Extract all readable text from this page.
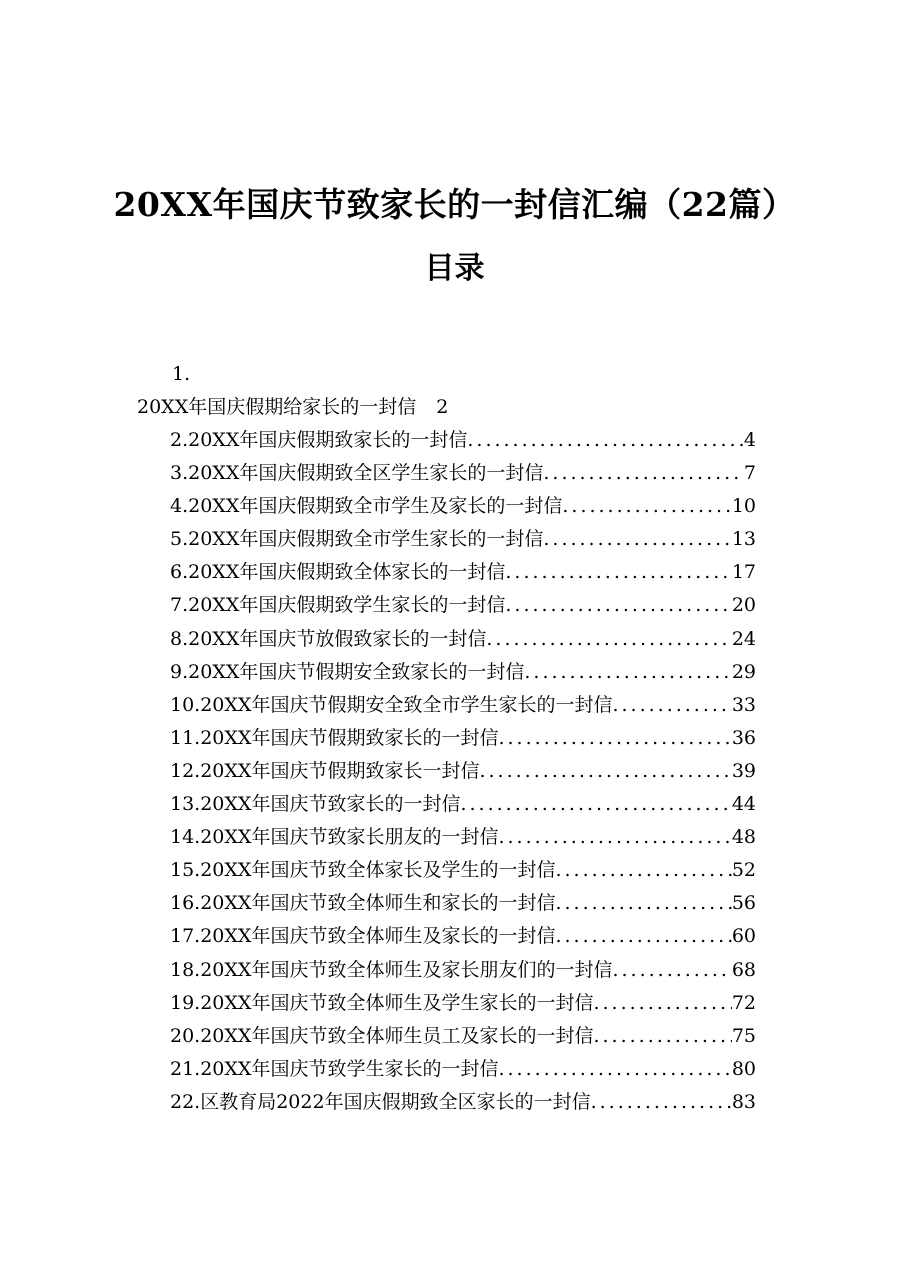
20XX年国庆节致家长的一封信汇编（22篇）
目录
1.
20XX年国庆假期给家长的一封信 2
2.20XX年国庆假期致家长的一封信 .....	4
3.20XX年国庆假期致全区学生家长的一封信 .....	7
4.20XX年国庆假期致全市学生及家长的一封信 .....	10
5.20XX年国庆假期致全市学生家长的一封信 .....	13
6.20XX年国庆假期致全体家长的一封信 .....	17
7.20XX年国庆假期致学生家长的一封信 .....	20
8.20XX年国庆节放假致家长的一封信 .....	24
9.20XX年国庆节假期安全致家长的一封信 .....	29
10.20XX年国庆节假期安全致全市学生家长的一封信 .....	33
11.20XX年国庆节假期致家长的一封信 .....	36
12.20XX年国庆节假期致家长一封信 .....	39
13.20XX年国庆节致家长的一封信 .....	44
14.20XX年国庆节致家长朋友的一封信 .....	48
15.20XX年国庆节致全体家长及学生的一封信 .....	52
16.20XX年国庆节致全体师生和家长的一封信 .....	56
17.20XX年国庆节致全体师生及家长的一封信 .....	60
18.20XX年国庆节致全体师生及家长朋友们的一封信 .....	68
19.20XX年国庆节致全体师生及学生家长的一封信 .....	72
20.20XX年国庆节致全体师生员工及家长的一封信 .....	75
21.20XX年国庆节致学生家长的一封信 .....	80
22.区教育局2022年国庆假期致全区家长的一封信 .....	83
